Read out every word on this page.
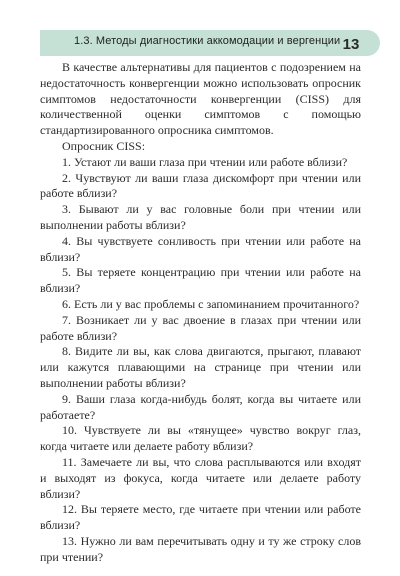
1.3. Методы диагностики аккомодации и вергенции 13

В качестве альтернативы для пациентов с подозрением на недостаточность конвергенции можно использовать опросник симптомов недостаточности конвергенции (CISS) для количественной оценки симптомов с помощью стандартизированного опросника симптомов.

Опросник CISS:

1. Устают ли ваши глаза при чтении или работе вблизи?

2. Чувствуют ли ваши глаза дискомфорт при чтении или работе вблизи?

3. Бывают ли у вас головные боли при чтении или выполнении работы вблизи?

4. Вы чувствуете сонливость при чтении или работе на вблизи?

5. Вы теряете концентрацию при чтении или работе на вблизи?

6. Есть ли у вас проблемы с запоминанием прочитанного?

7. Возникает ли у вас двоение в глазах при чтении или работе вблизи?

8. Видите ли вы, как слова двигаются, прыгают, плавают или кажутся плавающими на странице при чтении или выполнении работы вблизи?

9. Ваши глаза когда-нибудь болят, когда вы читаете или работаете?

10. Чувствуете ли вы «тянущее» чувство вокруг глаз, когда читаете или делаете работу вблизи?

11. Замечаете ли вы, что слова расплываются или входят и выходят из фокуса, когда читаете или делаете работу вблизи?

12. Вы теряете место, где читаете при чтении или работе вблизи?

13. Нужно ли вам перечитывать одну и ту же строку слов при чтении?
